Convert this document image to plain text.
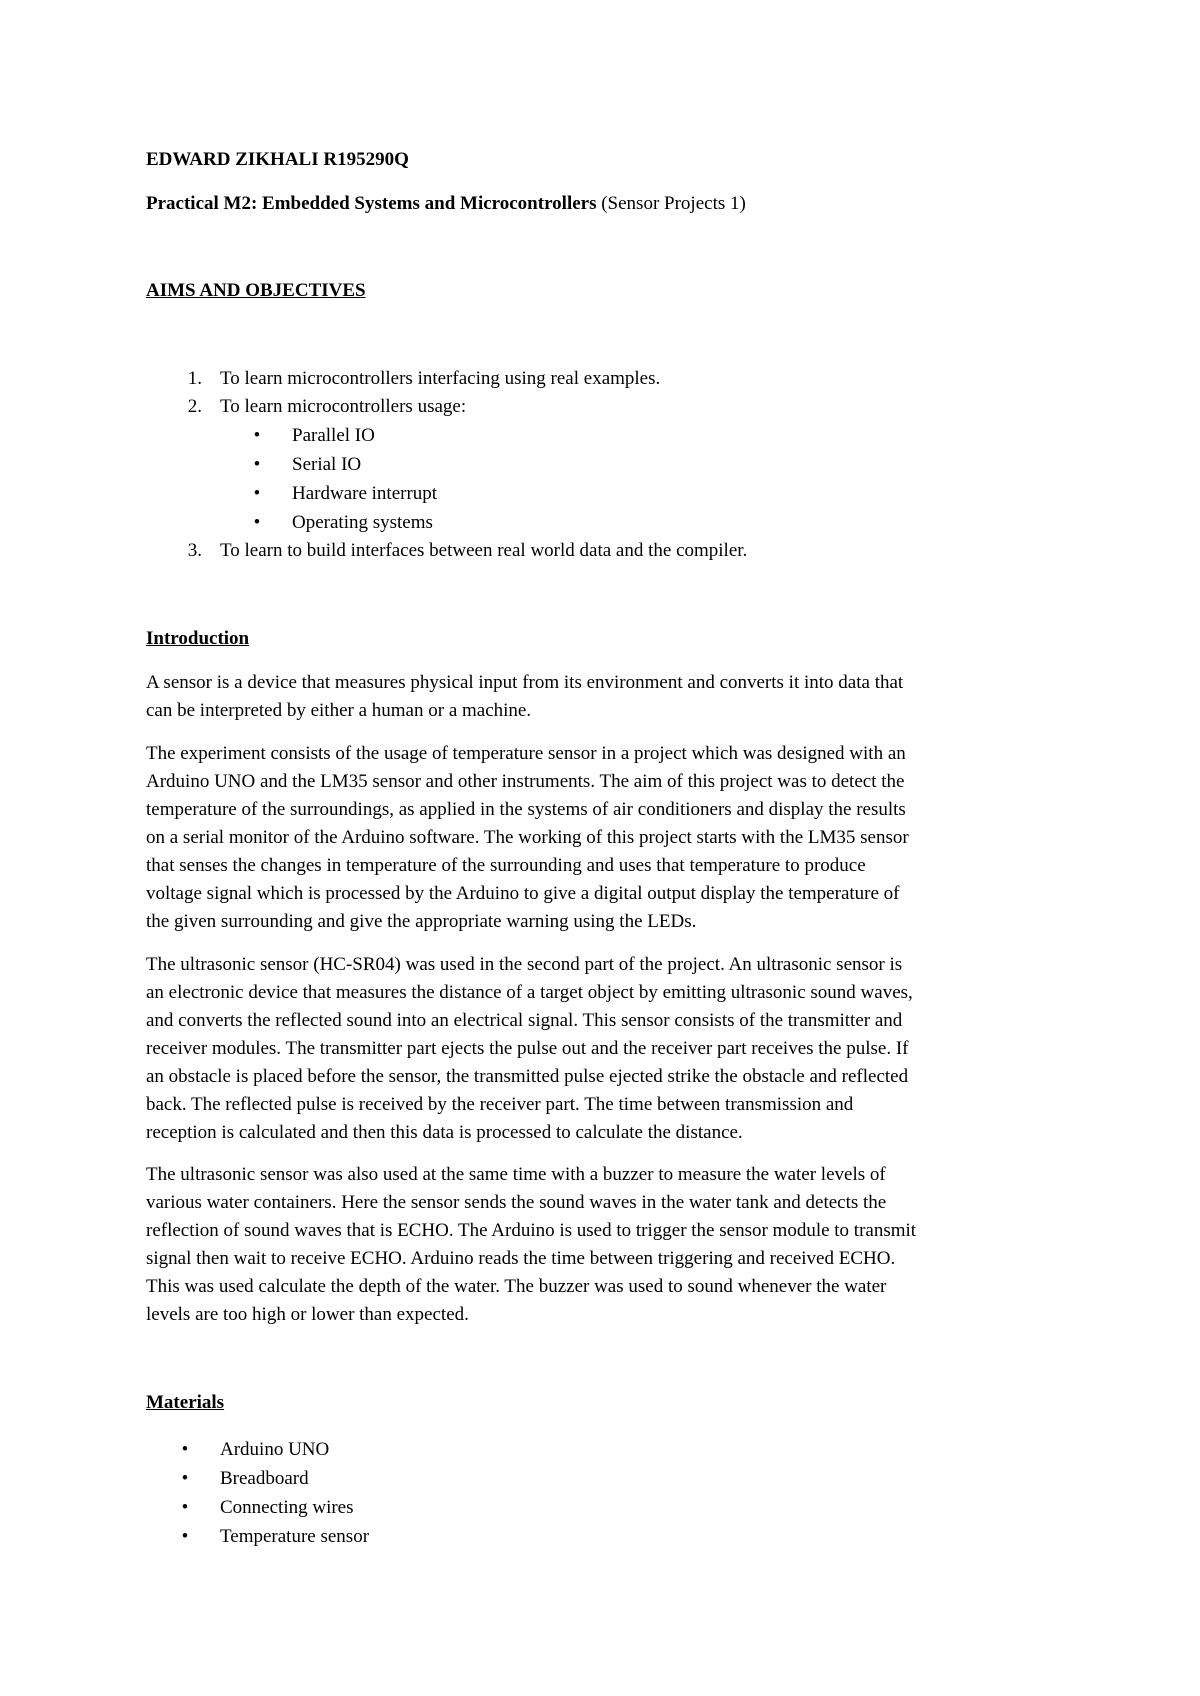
EDWARD ZIKHALI R195290Q
Practical M2: Embedded Systems and Microcontrollers (Sensor Projects 1)
AIMS AND OBJECTIVES
1. To learn microcontrollers interfacing using real examples.
2. To learn microcontrollers usage:
• Parallel IO
• Serial IO
• Hardware interrupt
• Operating systems
3. To learn to build interfaces between real world data and the compiler.
Introduction
A sensor is a device that measures physical input from its environment and converts it into data that
can be interpreted by either a human or a machine.
The experiment consists of the usage of temperature sensor in a project which was designed with an
Arduino UNO and the LM35 sensor and other instruments. The aim of this project was to detect the
temperature of the surroundings, as applied in the systems of air conditioners and display the results
on a serial monitor of the Arduino software. The working of this project starts with the LM35 sensor
that senses the changes in temperature of the surrounding and uses that temperature to produce
voltage signal which is processed by the Arduino to give a digital output display the temperature of
the given surrounding and give the appropriate warning using the LEDs.
The ultrasonic sensor (HC-SR04) was used in the second part of the project. An ultrasonic sensor is
an electronic device that measures the distance of a target object by emitting ultrasonic sound waves,
and converts the reflected sound into an electrical signal. This sensor consists of the transmitter and
receiver modules. The transmitter part ejects the pulse out and the receiver part receives the pulse. If
an obstacle is placed before the sensor, the transmitted pulse ejected strike the obstacle and reflected
back. The reflected pulse is received by the receiver part. The time between transmission and
reception is calculated and then this data is processed to calculate the distance.
The ultrasonic sensor was also used at the same time with a buzzer to measure the water levels of
various water containers. Here the sensor sends the sound waves in the water tank and detects the
reflection of sound waves that is ECHO. The Arduino is used to trigger the sensor module to transmit
signal then wait to receive ECHO. Arduino reads the time between triggering and received ECHO.
This was used calculate the depth of the water. The buzzer was used to sound whenever the water
levels are too high or lower than expected.
Materials
• Arduino UNO
• Breadboard
• Connecting wires
• Temperature sensor
